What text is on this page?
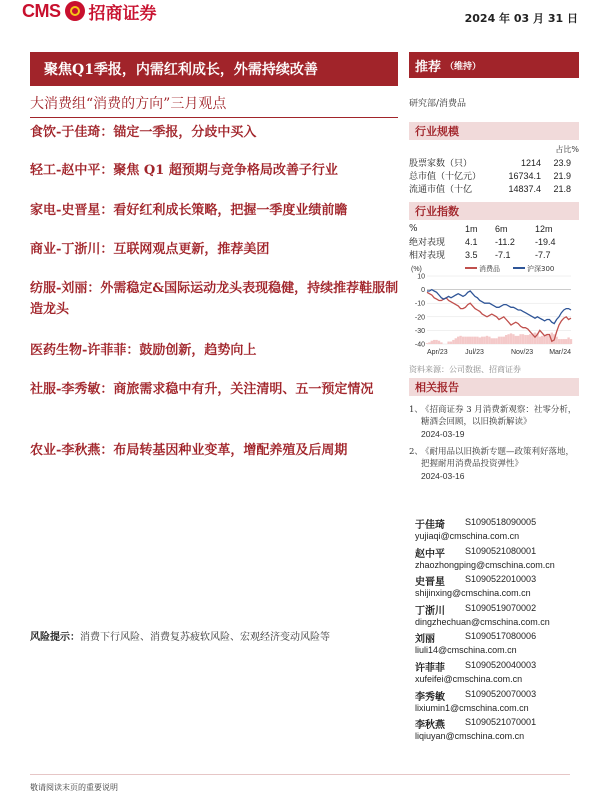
CMS 招商证券	2024 年 03 月 31 日
聚焦Q1季报，内需红利成长，外需持续改善
大消费组“消费的方向”三月观点
食饮-于佳琦：锚定一季报，分歧中买入
轻工-赵中平：聚焦 Q1 超预期与竞争格局改善子行业
家电-史晋星：看好红利成长策略，把握一季度业绩前瞻
商业-丁浙川：互联网观点更新，推荐美团
纺服-刘丽：外需稳定&国际运动龙头表现稳健，持续推荐鞋服制造龙头
医药生物-许菲菲：鼓励创新，趋势向上
社服-李秀敏：商旅需求稳中有升，关注清明、五一预定情况
农业-李秋燕：布局转基因种业变革，增配养殖及后周期
风险提示：消费下行风险、消费复苏疲软风险、宏观经济变动风险等
敬请阅读末页的重要说明
推荐 （维持）
研究部/消费品
行业规模
占比%
股票家数（只）	1214	23.9
总市值（十亿元）	16734.1	21.9
流通市值（十亿	14837.4	21.8
行业指数
%	1m	6m	12m
绝对表现	4.1	-11.2	-19.4
相对表现	3.5	-7.1	-7.7
(%)	消费品	沪深300
10
0
-10
-20
-30
-40
Apr/23	Jul/23	Nov/23 Mar/24
资料来源：公司数据、招商证券
相关报告
1、
《招商证券 3 月消费新观察：社零分析，糖酒会回顾，以旧换新解读》
2024-03-19
2、
《耐用品以旧换新专题—政策利好落地，把握耐用消费品投资弹性》
2024-03-16
于佳琦 S1090518090005
yujiaqi@cmschina.com.cn
赵中平 S1090521080001
zhaozhongping@cmschina.com.cn
史晋星 S1090522010003
shijinxing@cmschina.com.cn
丁浙川 S1090519070002
dingzhechuan@cmschina.com.cn
刘丽	S1090517080006
liuli14@cmschina.com.cn
许菲菲 S1090520040003
xufeifei@cmschina.com.cn
李秀敏 S1090520070003
lixiumin1@cmschina.com.cn
李秋燕 S1090521070001
liqiuyan@cmschina.com.cn
